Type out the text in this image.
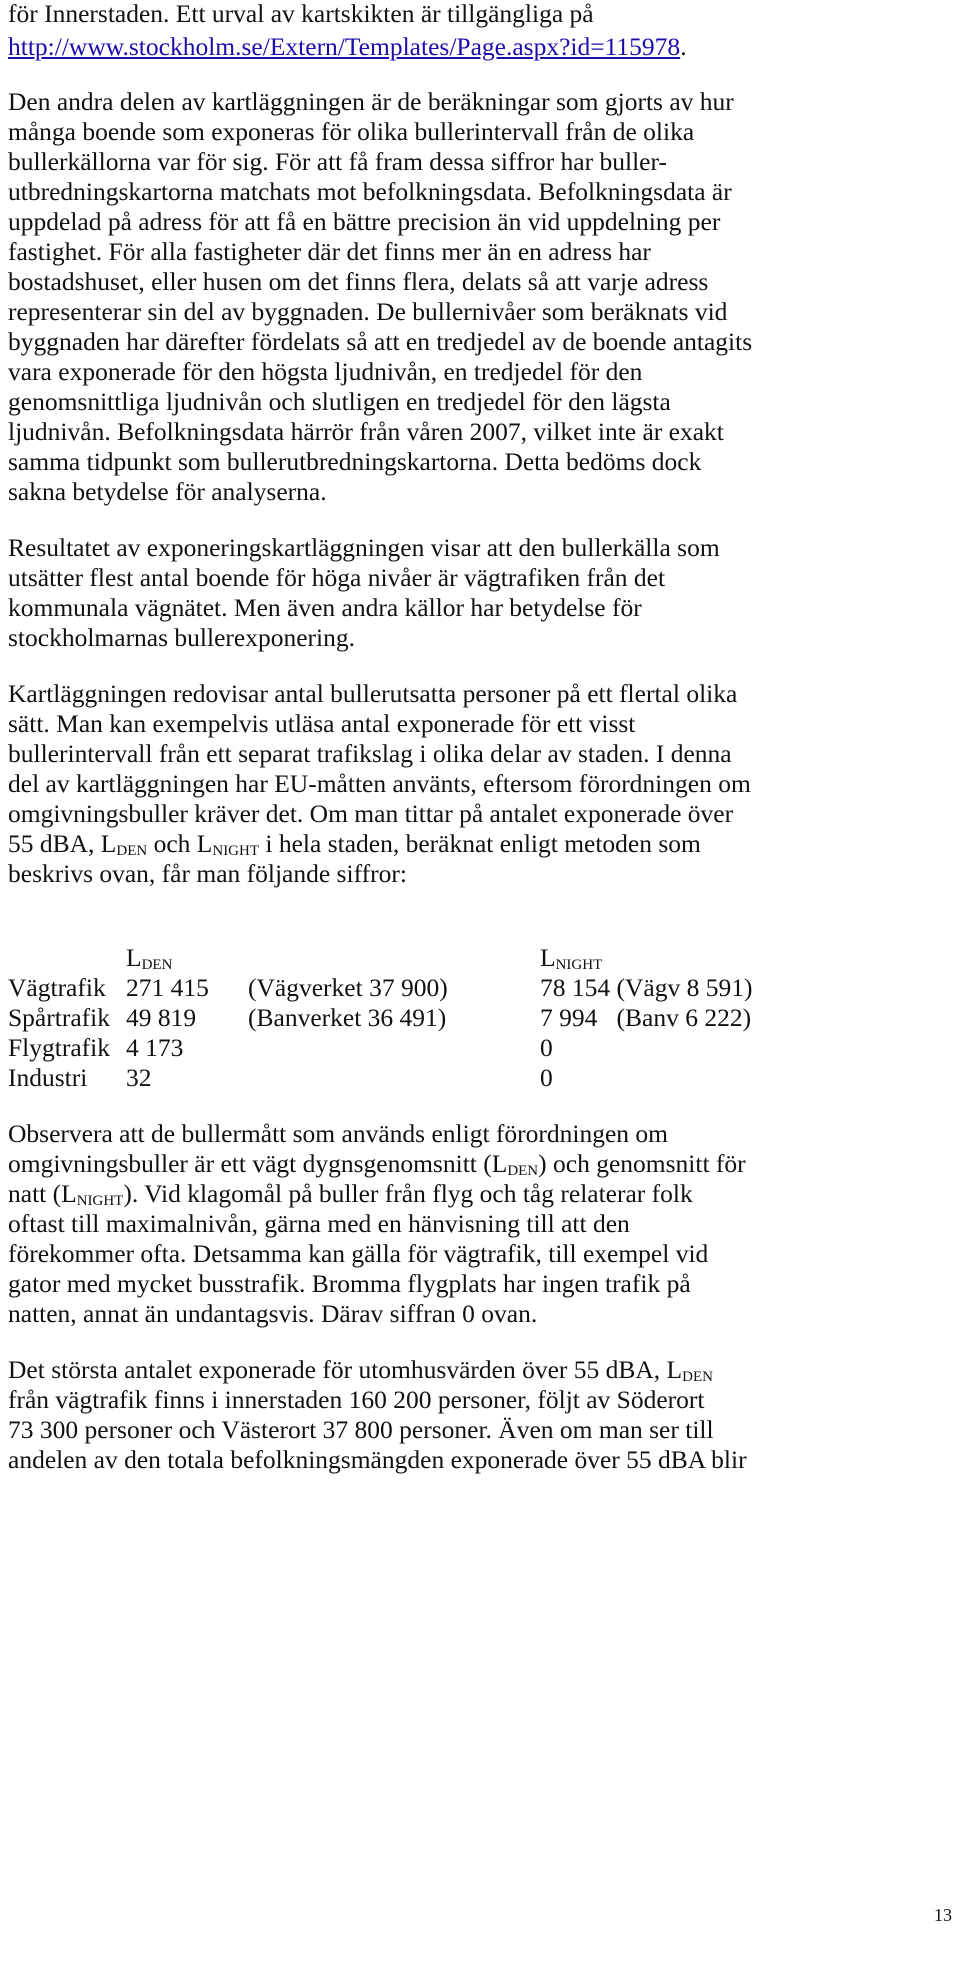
för Innerstaden. Ett urval av kartskikten är tillgängliga på
http://www.stockholm.se/Extern/Templates/Page.aspx?id=115978.
Den andra delen av kartläggningen är de beräkningar som gjorts av hur
många boende som exponeras för olika bullerintervall från de olika
bullerkällorna var för sig. För att få fram dessa siffror har buller-
utbredningskartorna matchats mot befolkningsdata. Befolkningsdata är
uppdelad på adress för att få en bättre precision än vid uppdelning per
fastighet. För alla fastigheter där det finns mer än en adress har
bostadshuset, eller husen om det finns flera, delats så att varje adress
representerar sin del av byggnaden. De bullernivåer som beräknats vid
byggnaden har därefter fördelats så att en tredjedel av de boende antagits
vara exponerade för den högsta ljudnivån, en tredjedel för den
genomsnittliga ljudnivån och slutligen en tredjedel för den lägsta
ljudnivån. Befolkningsdata härrör från våren 2007, vilket inte är exakt
samma tidpunkt som bullerutbredningskartorna. Detta bedöms dock
sakna betydelse för analyserna.
Resultatet av exponeringskartläggningen visar att den bullerkälla som
utsätter flest antal boende för höga nivåer är vägtrafiken från det
kommunala vägnätet. Men även andra källor har betydelse för
stockholmarnas bullerexponering.
Kartläggningen redovisar antal bullerutsatta personer på ett flertal olika
sätt. Man kan exempelvis utläsa antal exponerade för ett visst
bullerintervall från ett separat trafikslag i olika delar av staden. I denna
del av kartläggningen har EU-måtten använts, eftersom förordningen om
omgivningsbuller kräver det. Om man tittar på antalet exponerade över
55 dBA, $L_{DEN}$ och $L_{NIGHT}$ i hela staden, beräknat enligt metoden som
beskrivs ovan, får man följande siffror:
$L_{DEN}$	$L_{NIGHT}$
Vägtrafik 271 415 (Vägverket 37 900)	78 154 (Vägv 8 591)
Spårtrafik 49 819 (Banverket 36 491)	7 994   (Banv 6 222)
Flygtrafik 4 173	0
Industri 32	0
Observera att de bullermått som används enligt förordningen om
omgivningsbuller är ett vägt dygnsgenomsnitt $(L_{DEN})$ och genomsnitt för
natt $(L_{NIGHT})$. Vid klagomål på buller från flyg och tåg relaterar folk
oftast till maximalnivån, gärna med en hänvisning till att den
förekommer ofta. Detsamma kan gälla för vägtrafik, till exempel vid
gator med mycket busstrafik. Bromma flygplats har ingen trafik på
natten, annat än undantagsvis. Därav siffran 0 ovan.
Det största antalet exponerade för utomhusvärden över 55 dBA, $L_{DEN}$
från vägtrafik finns i innerstaden 160 200 personer, följt av Söderort
73 300 personer och Västerort 37 800 personer. Även om man ser till
andelen av den totala befolkningsmängden exponerade över 55 dBA blir
13
